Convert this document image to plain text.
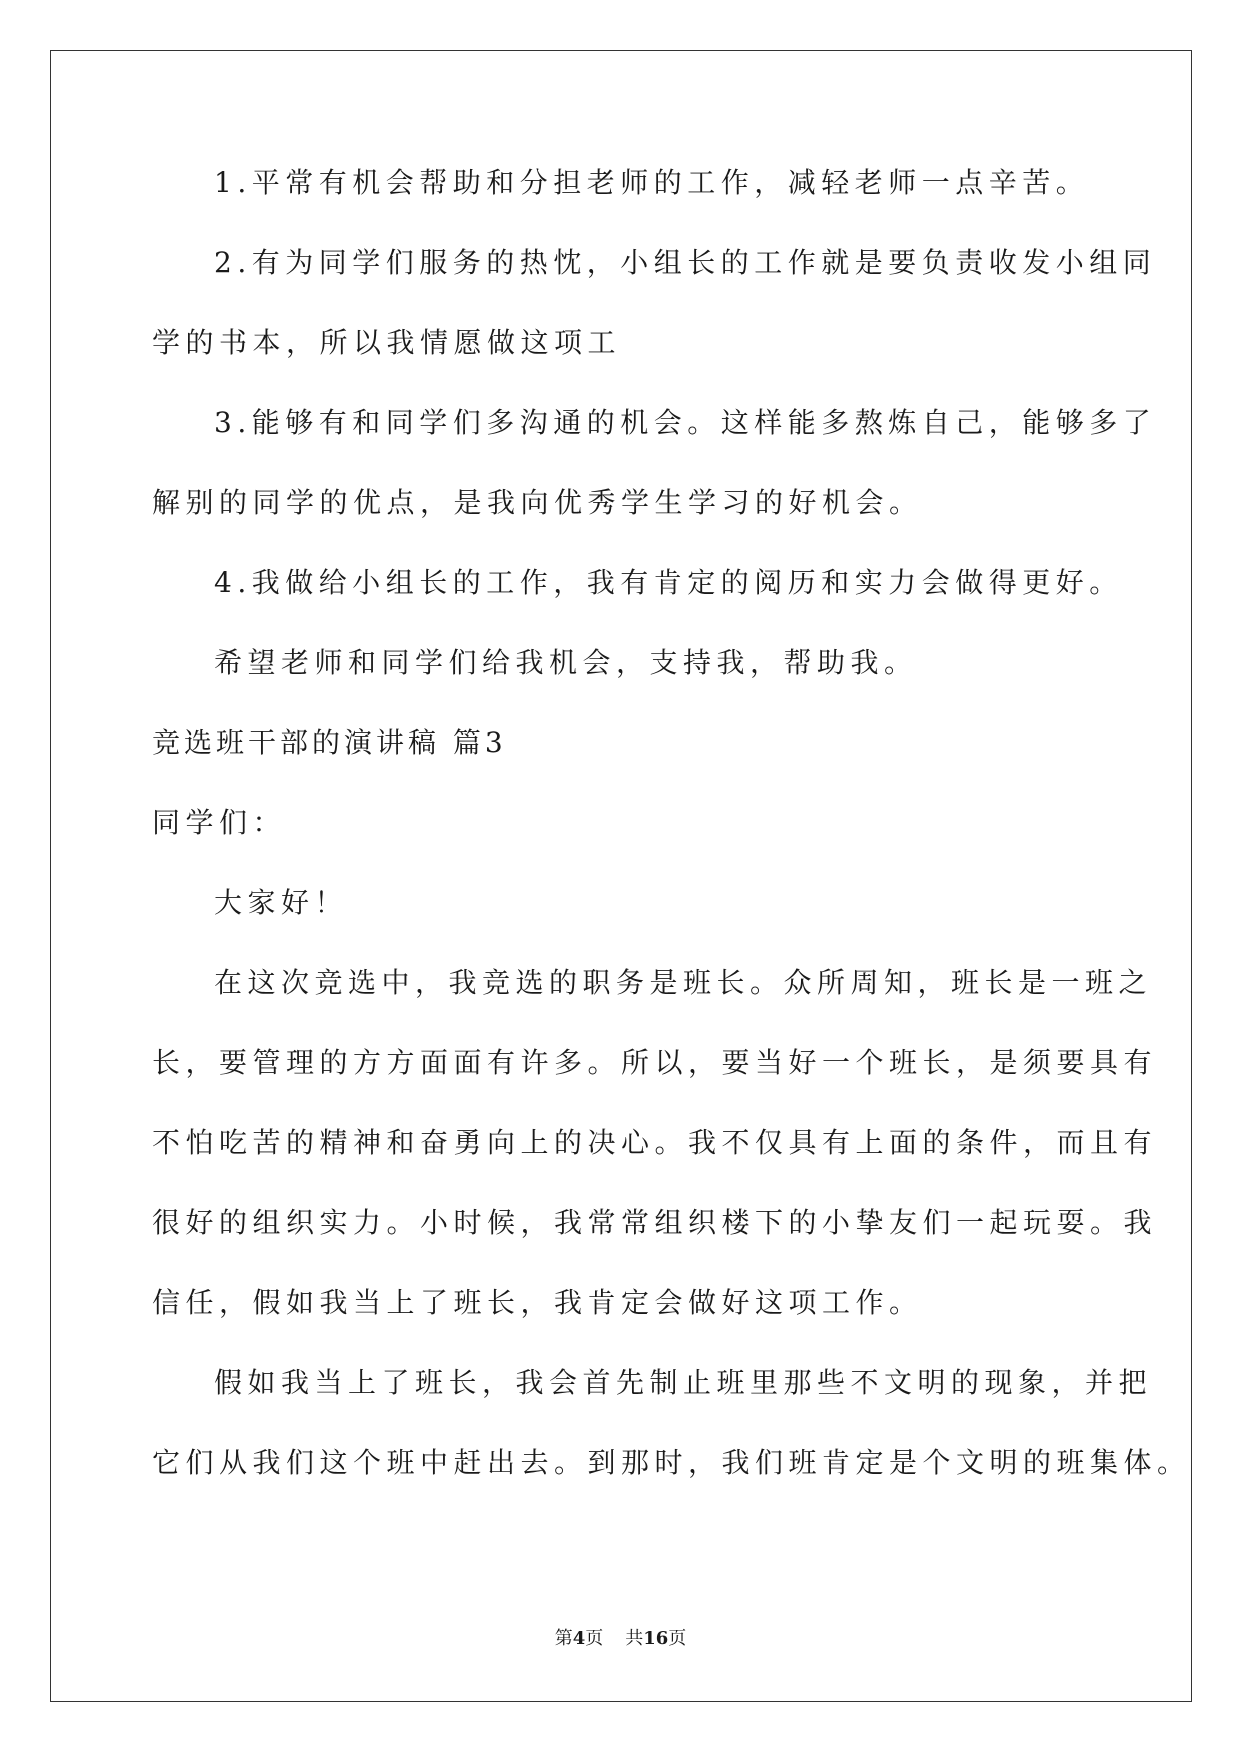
1.平常有机会帮助和分担老师的工作，减轻老师一点辛苦。

2.有为同学们服务的热忱，小组长的工作就是要负责收发小组同

学的书本，所以我情愿做这项工

3.能够有和同学们多沟通的机会。这样能多熬炼自己，能够多了

解别的同学的优点，是我向优秀学生学习的好机会。

4.我做给小组长的工作，我有肯定的阅历和实力会做得更好。

希望老师和同学们给我机会，支持我，帮助我。

竞选班干部的演讲稿 篇3

同学们：

大家好！

在这次竞选中，我竞选的职务是班长。众所周知，班长是一班之

长，要管理的方方面面有许多。所以，要当好一个班长，是须要具有

不怕吃苦的精神和奋勇向上的决心。我不仅具有上面的条件，而且有

很好的组织实力。小时候，我常常组织楼下的小挚友们一起玩耍。我

信任，假如我当上了班长，我肯定会做好这项工作。

假如我当上了班长，我会首先制止班里那些不文明的现象，并把

它们从我们这个班中赶出去。到那时，我们班肯定是个文明的班集体。

第4页 共16页
